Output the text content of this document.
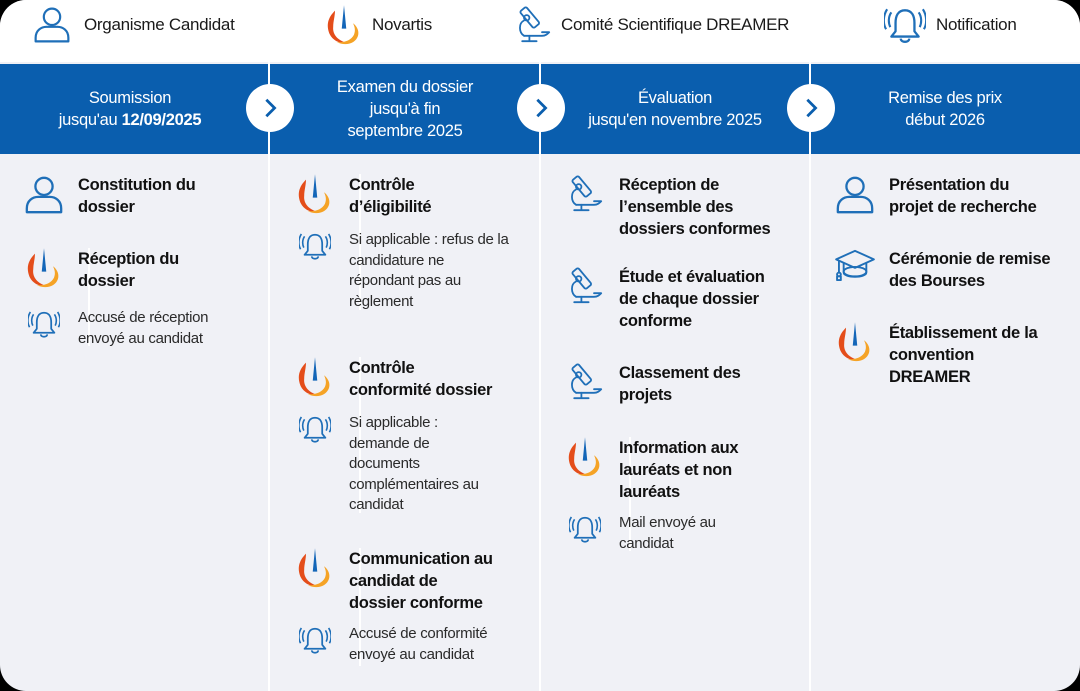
Organisme Candidat	Novartis	Comité Scientifique DREAMER	Notification
Soumission
jusqu'au 12/09/2025
Examen du dossier
jusqu'à fin
septembre 2025
Évaluation
jusqu'en novembre 2025
Remise des prix
début 2026
Constitution du
dossier
Réception du
dossier
Accusé de réception
envoyé au candidat
Contrôle
d’éligibilité
Si applicable : refus de la
candidature ne
répondant pas au
règlement
Contrôle
conformité dossier
Si applicable :
demande de
documents
complémentaires au
candidat
Communication au
candidat de
dossier conforme
Accusé de conformité
envoyé au candidat
Réception de
l’ensemble des
dossiers conformes
Étude et évaluation
de chaque dossier
conforme
Classement des
projets
Information aux
lauréats et non
lauréats
Mail envoyé au
candidat
Présentation du
projet de recherche
Cérémonie de remise
des Bourses
Établissement de la
convention
DREAMER
